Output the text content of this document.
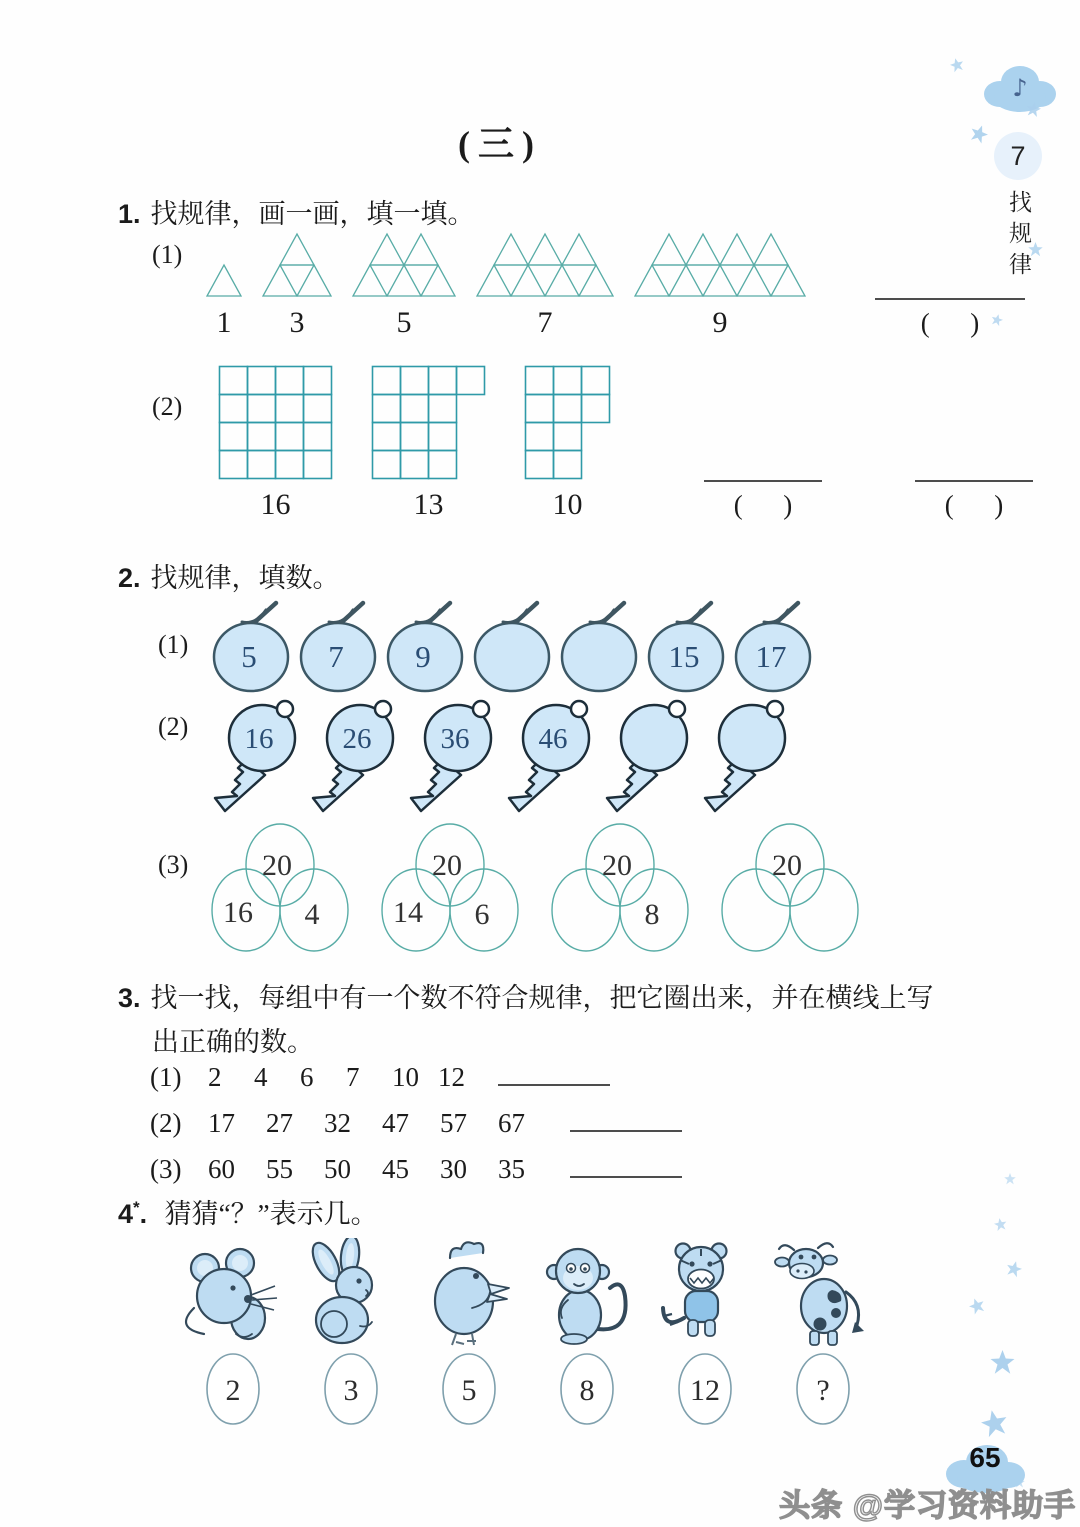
(三)
1. 找规律，画一画，填一填。
(1)
1 3	5	7	9	(      )
(2)
16	13	10	(      )	(      )
2. 找规律，填数。
(1) 5 7 9	15 17
(2) 16 26 36 46
(3) 20
16 4
20
14 6
20
8
20
3. 找一找，每组中有一个数不符合规律，把它圈出来，并在横线上写
出正确的数。
(1) 2 4 6 7 10 12
(2) 17 27 32 47 57 67
(3) 60 55 50 45 30 35
4*. 猜猜“？”表示几。
2	3	5	8	12	?
♪
7
找规律
65
头条 @学习资料助手
